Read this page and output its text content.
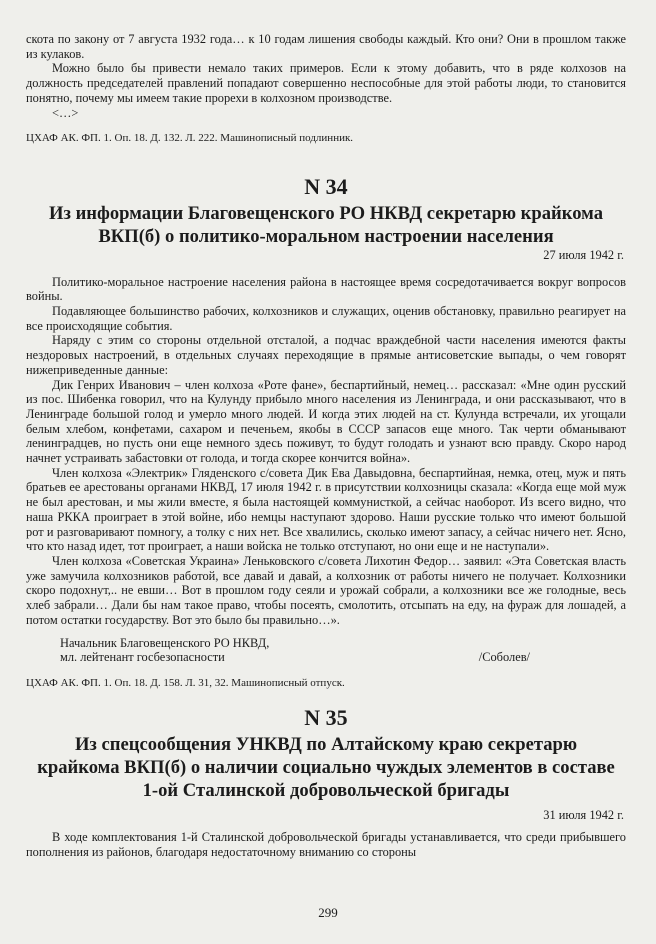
скота по закону от 7 августа 1932 года… к 10 годам лишения свободы каждый. Кто они? Они в прошлом также из кулаков.

Можно было бы привести немало таких примеров. Если к этому добавить, что в ряде колхозов на должность председателей правлений попадают совершенно неспособные для этой работы люди, то становится понятно, почему мы имеем такие прорехи в колхозном производстве.

<…>

ЦХАФ АК. ФП. 1. Оп. 18. Д. 132. Л. 222. Машинописный подлинник.

N 34
Из информации Благовещенского РО НКВД секретарю крайкома ВКП(б) о политико-моральном настроении населения
27 июля 1942 г.

Политико-моральное настроение населения района в настоящее время сосредотачивается вокруг вопросов войны.

Подавляющее большинство рабочих, колхозников и служащих, оценив обстановку, правильно реагирует на все происходящие события.

Наряду с этим со стороны отдельной отсталой, а подчас враждебной части населения имеются факты нездоровых настроений, в отдельных случаях переходящие в прямые антисоветские выпады, о чем говорят нижеприведенные данные:

Дик Генрих Иванович – член колхоза «Роте фане», беспартийный, немец… рассказал: «Мне один русский из пос. Шибенка говорил, что на Кулунду прибыло много населения из Ленинграда, и они рассказывают, что в Ленинграде большой голод и умерло много людей. И когда этих людей на ст. Кулунда встречали, их угощали белым хлебом, конфетами, сахаром и печеньем, якобы в СССР запасов еще много. Так черти обманывают ленинградцев, но пусть они еще немного здесь поживут, то будут голодать и узнают всю правду. Скоро народ начнет устраивать забастовки от голода, и тогда скорее кончится война».

Член колхоза «Электрик» Гляденского с/совета Дик Ева Давыдовна, беспартийная, немка, отец, муж и пять братьев ее арестованы органами НКВД, 17 июля 1942 г. в присутствии колхозницы сказала: «Когда еще мой муж не был арестован, и мы жили вместе, я была настоящей коммунисткой, а сейчас наоборот. Из всего видно, что наша РККА проиграет в этой войне, ибо немцы наступают здорово. Наши русские только что имеют большой рот и разговаривают помногу, а толку с них нет. Все хвалились, сколько имеют запасу, а сейчас ничего нет. Ясно, что кто назад идет, тот проиграет, а наши войска не только отступают, но они еще и не наступали».

Член колхоза «Советская Украина» Леньковского с/совета Лихотин Федор… заявил: «Эта Советская власть уже замучила колхозников работой, все давай и давай, а колхозник от работы ничего не получает. Колхозники скоро подохнут,.. не евши… Вот в прошлом году сеяли и урожай собрали, а колхозники все же голодные, весь хлеб забрали… Дали бы нам такое право, чтобы посеять, смолотить, отсыпать на еду, на фураж для лошадей, а потом остатки государству. Вот это было бы правильно…».

Начальник Благовещенского РО НКВД,
мл. лейтенант госбезопасности	/Соболев/

ЦХАФ АК. ФП. 1. Оп. 18. Д. 158. Л. 31, 32. Машинописный отпуск.

N 35
Из спецсообщения УНКВД по Алтайскому краю секретарю крайкома ВКП(б) о наличии социально чуждых элементов в составе 1-ой Сталинской добровольческой бригады
31 июля 1942 г.

В ходе комплектования 1-й Сталинской добровольческой бригады устанавливается, что среди прибывшего пополнения из районов, благодаря недостаточному вниманию со стороны

299
